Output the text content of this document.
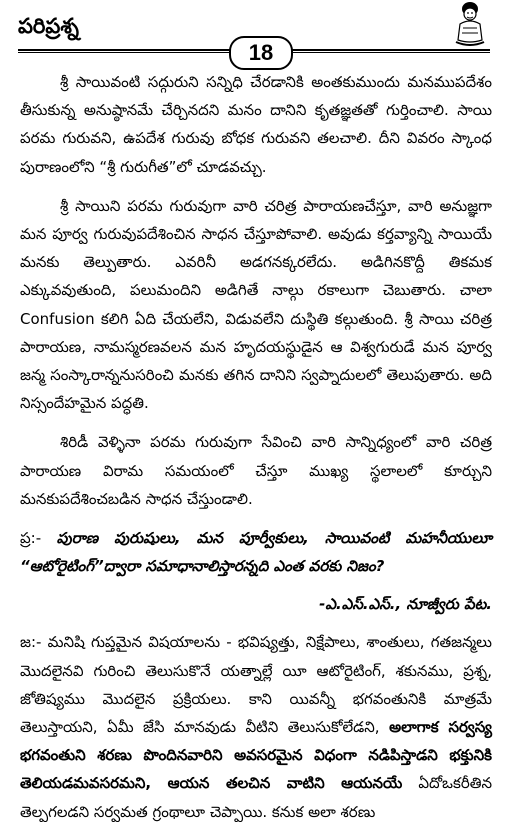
పరిప్రశ్న
18

శ్రీ సాయివంటి సద్గురుని సన్నిధి చేరడానికి అంతకుముందు మనముపదేశం తీసుకున్న అనుష్ఠానమే చేర్చినదని మనం దానిని కృతజ్ఞతతో గుర్తించాలి. సాయి పరమ గురువని, ఉపదేశ గురువు బోధక గురువని తలచాలి. దీని వివరం స్కాంధ పురాణంలోని “శ్రీ గురుగీత”లో చూడవచ్చు.

శ్రీ సాయిని పరమ గురువుగా వారి చరిత్ర పారాయణచేస్తూ, వారి అనుజ్ఞగా మన పూర్వ గురువుపదేశించిన సాధన చేస్తూపోవాలి. అవుడు కర్తవ్యాన్ని సాయియే మనకు తెల్పుతారు. ఎవరినీ అడగనక్కరలేదు. అడిగినకొద్దీ తికమక ఎక్కువవుతుంది, పలుమందిని అడిగితే నాల్గు రకాలుగా చెబుతారు. చాలా Confusion కలిగి ఏది చేయలేని, విడువలేని దుస్థితి కల్గుతుంది. శ్రీ సాయి చరిత్ర పారాయణ, నామస్మరణవలన మన హృదయస్థుడైన ఆ విశ్వగురుడే మన పూర్వ జన్మ సంస్కారాన్ననుసరించి మనకు తగిన దానిని స్వప్నాదులలో తెలుపుతారు. అది నిస్సందేహమైన పద్ధతి.

శిరిడీ వెళ్ళినా పరమ గురువుగా సేవించి వారి సాన్నిధ్యంలో వారి చరిత్ర పారాయణ విరామ సమయంలో చేస్తూ ముఖ్య స్థలాలలో కూర్చుని మనకుపదేశించబడిన సాధన చేస్తుండాలి.

ప్ర:- పురాణ పురుషులు, మన పూర్వీకులు, సాయివంటి మహనీయులూ “ఆటోరైటింగ్”ద్వారా సమాధానాలిస్తారన్నది ఎంత వరకు నిజం?

-ఎ.ఎస్.ఎస్., నూజ్వీరు పేట.

జ:- మనిషి గుప్తమైన విషయాలను - భవిష్యత్తు, నిక్షేపాలు, శాంతులు, గతజన్మలు మొదలైనవి గురించి తెలుసుకొనే యత్నాల్లే యీ ఆటోరైటింగ్, శకునము, ప్రశ్న, జోతిష్యము మొదలైన ప్రక్రియలు. కాని యివన్నీ భగవంతునికి మాత్రమే తెలుస్తాయని, ఏమీ జేసి మానవుడు వీటిని తెలుసుకోలేడని, అలాగాక సర్వస్య భగవంతుని శరణు పొందినవారిని అవసరమైన విధంగా నడిపిస్తాడని భక్తునికి తెలియడమవసరమని, ఆయన తలచిన వాటిని ఆయనయే ఏదోఒకరీతిన తెల్పగలడని సర్వమత గ్రంథాలూ చెప్పాయి. కనుక అలా శరణు
